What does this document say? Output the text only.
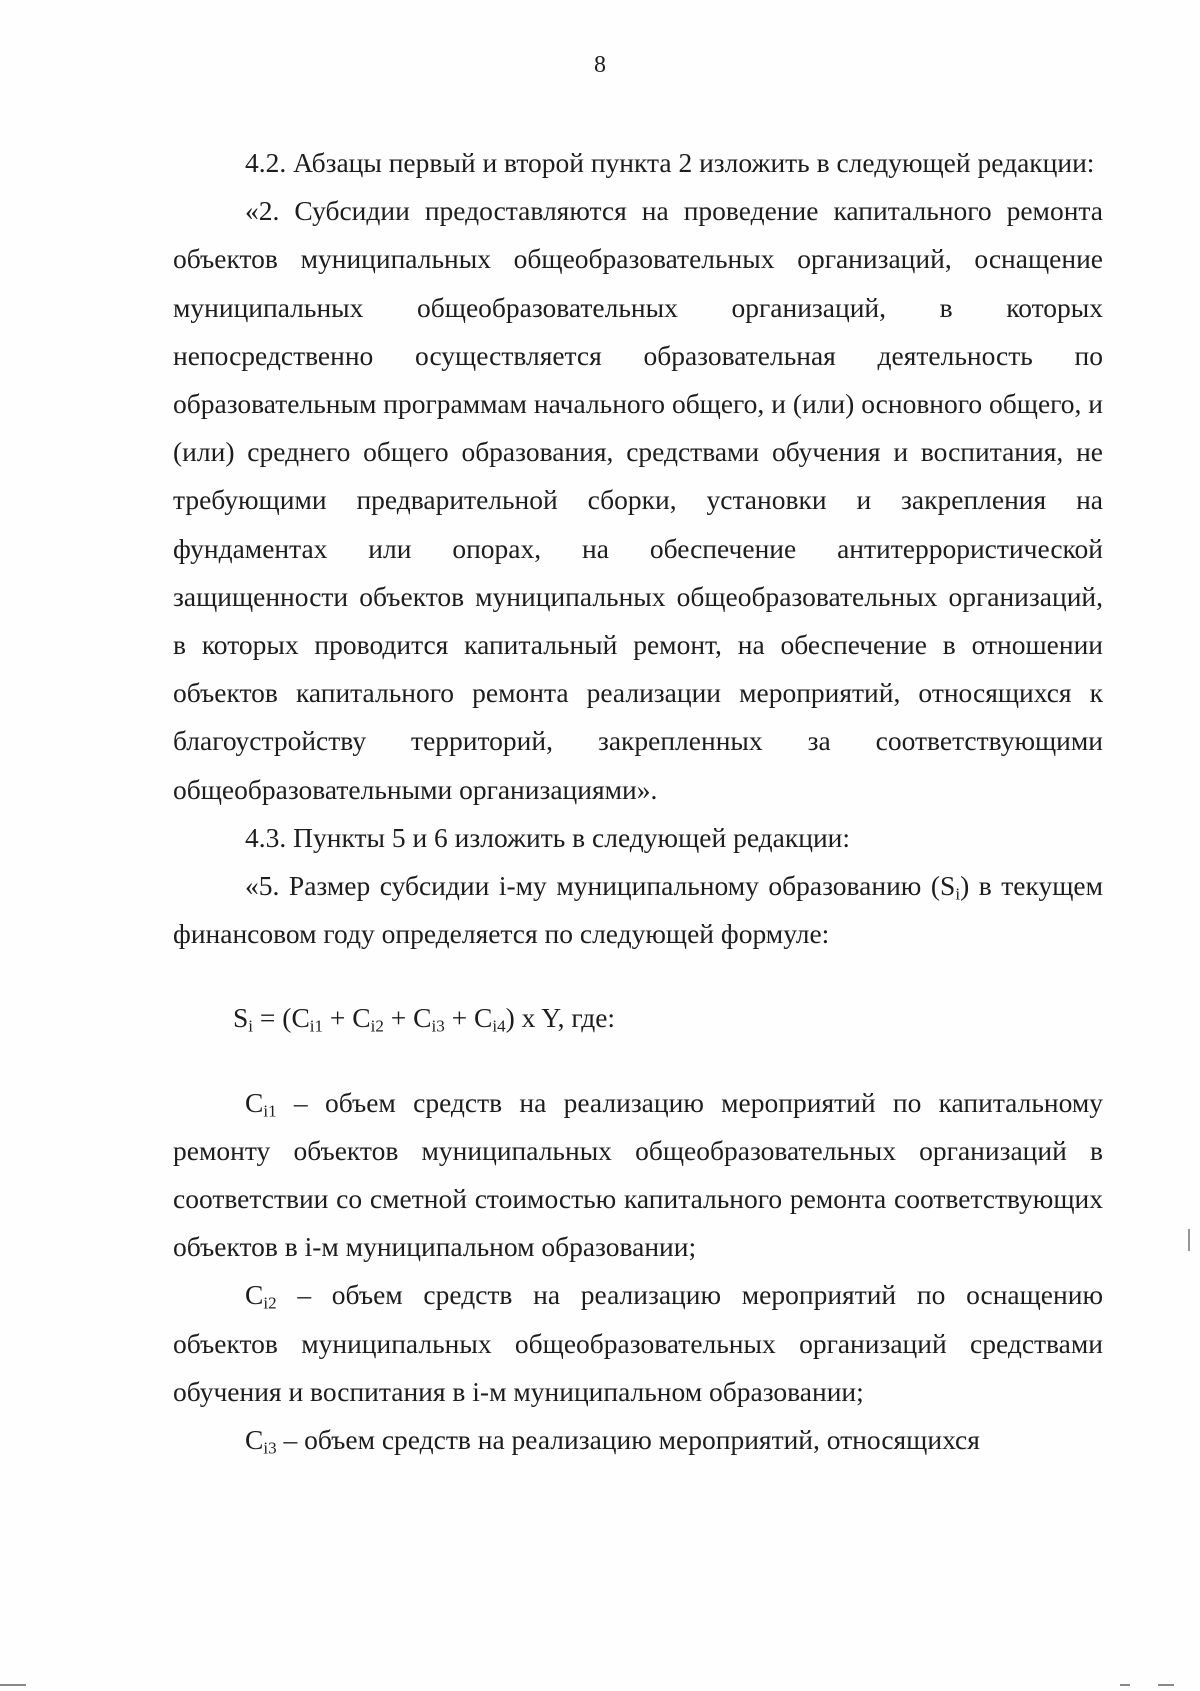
8

4.2. Абзацы первый и второй пункта 2 изложить в следующей редакции:

«2. Субсидии предоставляются на проведение капитального ремонта объектов муниципальных общеобразовательных организаций, оснащение муниципальных общеобразовательных организаций, в которых непосредственно осуществляется образовательная деятельность по образовательным программам начального общего, и (или) основного общего, и (или) среднего общего образования, средствами обучения и воспитания, не требующими предварительной сборки, установки и закрепления на фундаментах или опорах, на обеспечение антитеррористической защищенности объектов муниципальных общеобразовательных организаций, в которых проводится капитальный ремонт, на обеспечение в отношении объектов капитального ремонта реализации мероприятий, относящихся к благоустройству территорий, закрепленных за соответствующими общеобразовательными организациями».

4.3. Пункты 5 и 6 изложить в следующей редакции:

«5. Размер субсидии i-му муниципальному образованию $(S_i)$ в текущем финансовом году определяется по следующей формуле:

$S_i = (C_{i1} + C_{i2} + C_{i3} + C_{i4})$ x Y, где:

$C_{i1}$ – объем средств на реализацию мероприятий по капитальному ремонту объектов муниципальных общеобразовательных организаций в соответствии со сметной стоимостью капитального ремонта соответствующих объектов в i-м муниципальном образовании;

$C_{i2}$ – объем средств на реализацию мероприятий по оснащению объектов муниципальных общеобразовательных организаций средствами обучения и воспитания в i-м муниципальном образовании;

$C_{i3}$ – объем средств на реализацию мероприятий, относящихся
